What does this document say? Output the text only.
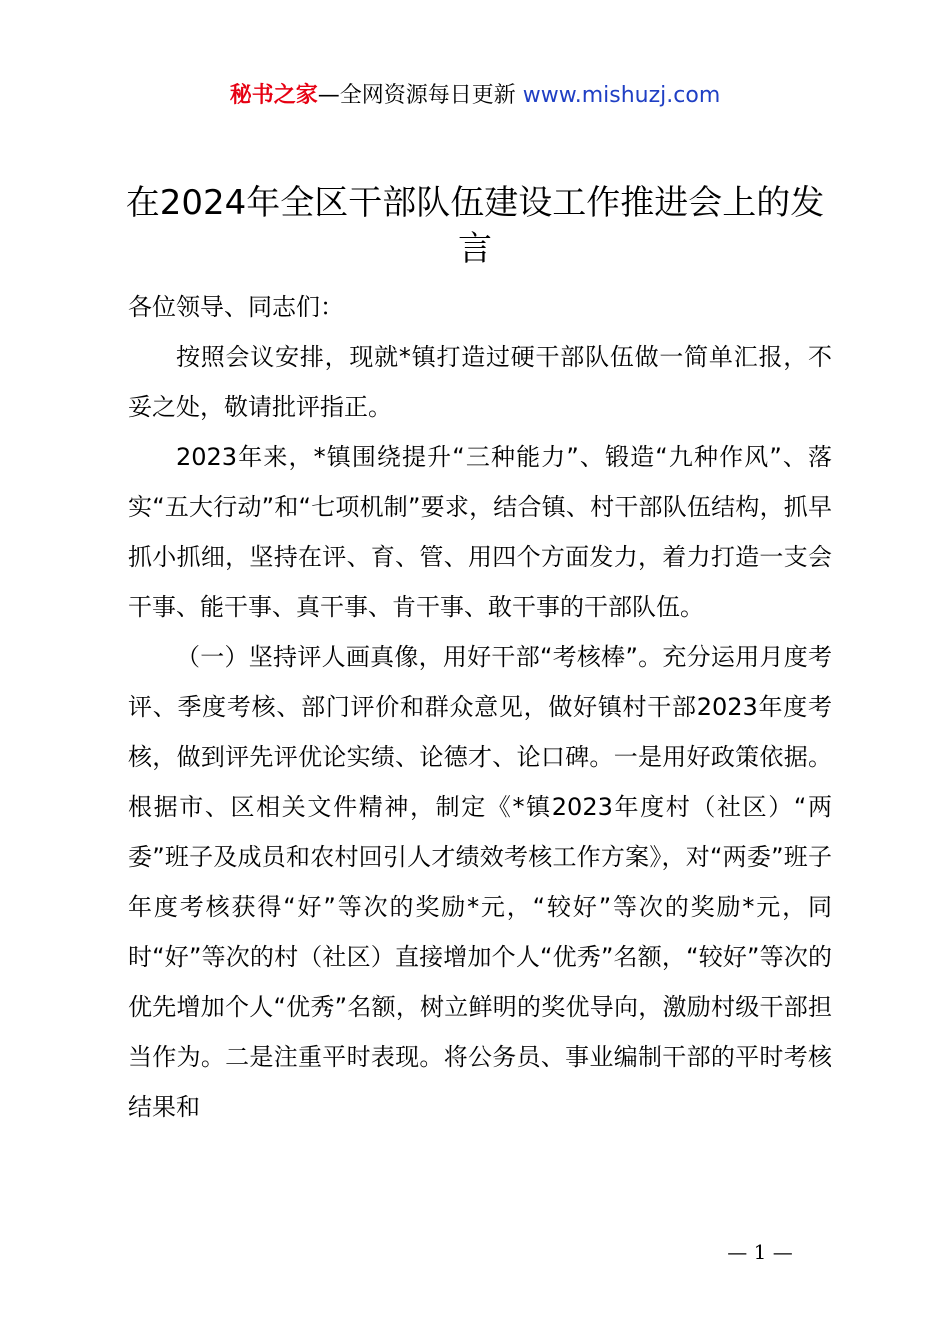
秘书之家—全网资源每日更新 www.mishuzj.com
在2024年全区干部队伍建设工作推进会上的发言

各位领导、同志们：

按照会议安排，现就*镇打造过硬干部队伍做一简单汇报，不妥之处，敬请批评指正。

2023年来，*镇围绕提升“三种能力”、锻造“九种作风”、落实“五大行动”和“七项机制”要求，结合镇、村干部队伍结构，抓早抓小抓细，坚持在评、育、管、用四个方面发力，着力打造一支会干事、能干事、真干事、肯干事、敢干事的干部队伍。

（一）坚持评人画真像，用好干部“考核棒”。充分运用月度考评、季度考核、部门评价和群众意见，做好镇村干部2023年度考核，做到评先评优论实绩、论德才、论口碑。一是用好政策依据。根据市、区相关文件精神，制定《*镇2023年度村（社区）“两委”班子及成员和农村回引人才绩效考核工作方案》，对“两委”班子年度考核获得“好”等次的奖励*元，“较好”等次的奖励*元，同时“好”等次的村（社区）直接增加个人“优秀”名额，“较好”等次的优先增加个人“优秀”名额，树立鲜明的奖优导向，激励村级干部担当作为。二是注重平时表现。将公务员、事业编制干部的平时考核结果和

— 1 —
